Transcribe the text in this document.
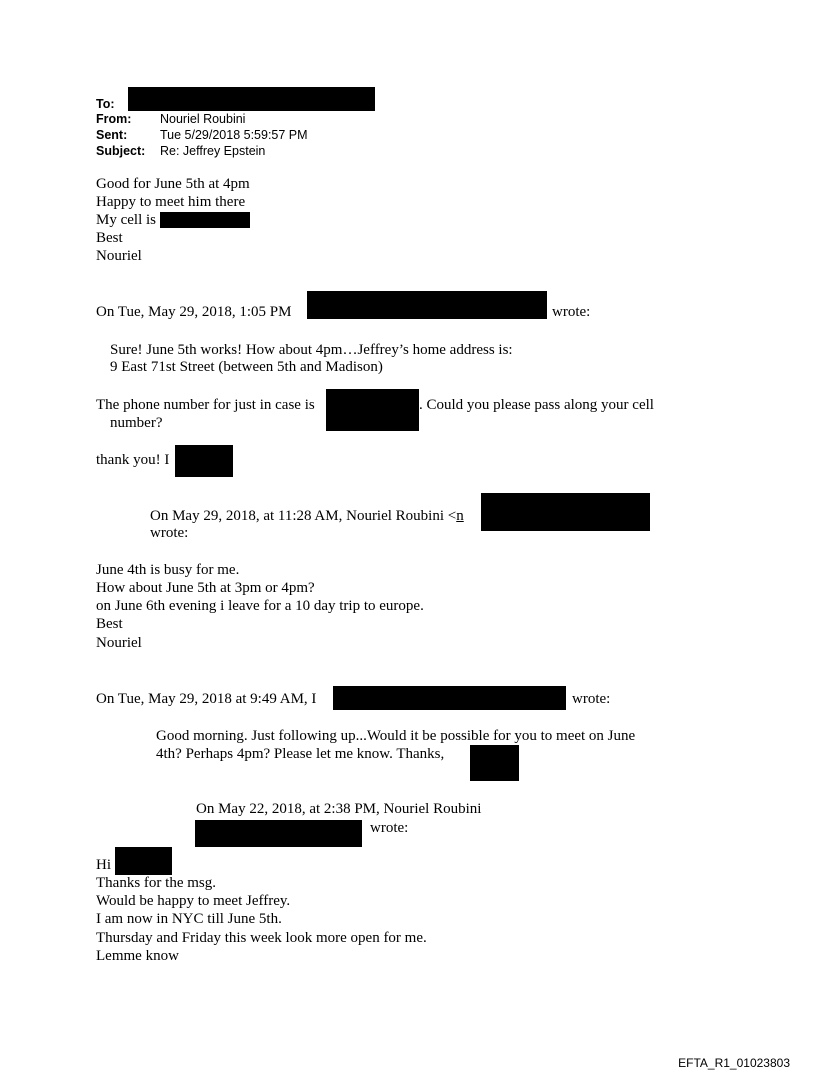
To:
From: Nouriel Roubini
Sent:	Tue 5/29/2018 5:59:57 PM
Subject: Re: Jeffrey Epstein
Good for June 5th at 4pm
Happy to meet him there
My cell is
Best
Nouriel
On Tue, May 29, 2018, 1:05 PM	wrote:
Sure! June 5th works! How about 4pm…Jeffrey’s home address is:
9 East 71st Street (between 5th and Madison)
The phone number for just in case is	. Could you please pass along your cell
number?
thank you! I
On May 29, 2018, at 11:28 AM, Nouriel Roubini <n
wrote:
June 4th is busy for me.
How about June 5th at 3pm or 4pm?
on June 6th evening i leave for a 10 day trip to europe.
Best
Nouriel
On Tue, May 29, 2018 at 9:49 AM, I	wrote:
Good morning. Just following up...Would it be possible for you to meet on June
4th? Perhaps 4pm? Please let me know. Thanks,
On May 22, 2018, at 2:38 PM, Nouriel Roubini
wrote:
Hi
Thanks for the msg.
Would be happy to meet Jeffrey.
I am now in NYC till June 5th.
Thursday and Friday this week look more open for me.
Lemme know
EFTA_R1_01023803
